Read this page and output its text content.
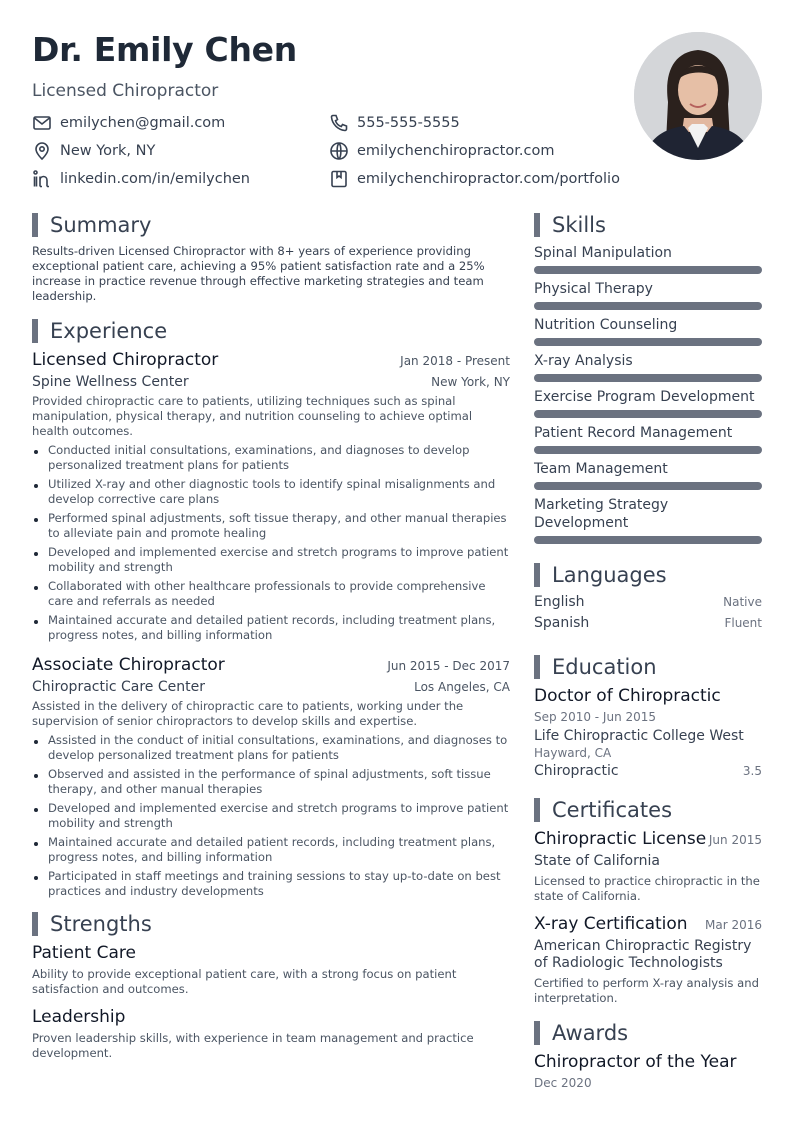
Dr. Emily Chen
Licensed Chiropractor
emilychen@gmail.com	555-555-5555
New York, NY	emilychenchiropractor.com
linkedin.com/in/emilychen	emilychenchiropractor.com/portfolio
Summary

Results-driven Licensed Chiropractor with 8+ years of experience providing exceptional patient care, achieving a 95% patient satisfaction rate and a 25% increase in practice revenue through effective marketing strategies and team leadership.

Experience
Licensed Chiropractor	Jan 2018 - Present
Spine Wellness Center	New York, NY
Provided chiropractic care to patients, utilizing techniques such as spinal manipulation, physical therapy, and nutrition counseling to achieve optimal health outcomes.
Conducted initial consultations, examinations, and diagnoses to develop personalized treatment plans for patients
Utilized X-ray and other diagnostic tools to identify spinal misalignments and develop corrective care plans
Performed spinal adjustments, soft tissue therapy, and other manual therapies to alleviate pain and promote healing
Developed and implemented exercise and stretch programs to improve patient mobility and strength
Collaborated with other healthcare professionals to provide comprehensive care and referrals as needed
Maintained accurate and detailed patient records, including treatment plans, progress notes, and billing information
Associate Chiropractor	Jun 2015 - Dec 2017
Chiropractic Care Center	Los Angeles, CA
Assisted in the delivery of chiropractic care to patients, working under the supervision of senior chiropractors to develop skills and expertise.
Assisted in the conduct of initial consultations, examinations, and diagnoses to develop personalized treatment plans for patients
Observed and assisted in the performance of spinal adjustments, soft tissue therapy, and other manual therapies
Developed and implemented exercise and stretch programs to improve patient mobility and strength
Maintained accurate and detailed patient records, including treatment plans, progress notes, and billing information
Participated in staff meetings and training sessions to stay up-to-date on best practices and industry developments
Strengths
Patient Care
Ability to provide exceptional patient care, with a strong focus on patient satisfaction and outcomes.
Leadership
Proven leadership skills, with experience in team management and practice development.
Skills
Spinal Manipulation
Physical Therapy
Nutrition Counseling
X-ray Analysis
Exercise Program Development
Patient Record Management
Team Management
Marketing Strategy Development
Languages
English	Native
Spanish	Fluent
Education
Doctor of Chiropractic
Sep 2010 - Jun 2015
Life Chiropractic College West
Hayward, CA
Chiropractic	3.5
Certificates
Chiropractic License Jun 2015
State of California
Licensed to practice chiropractic in the state of California.
X-ray Certification Mar 2016
American Chiropractic Registry of Radiologic Technologists
Certified to perform X-ray analysis and interpretation.
Awards
Chiropractor of the Year
Dec 2020
